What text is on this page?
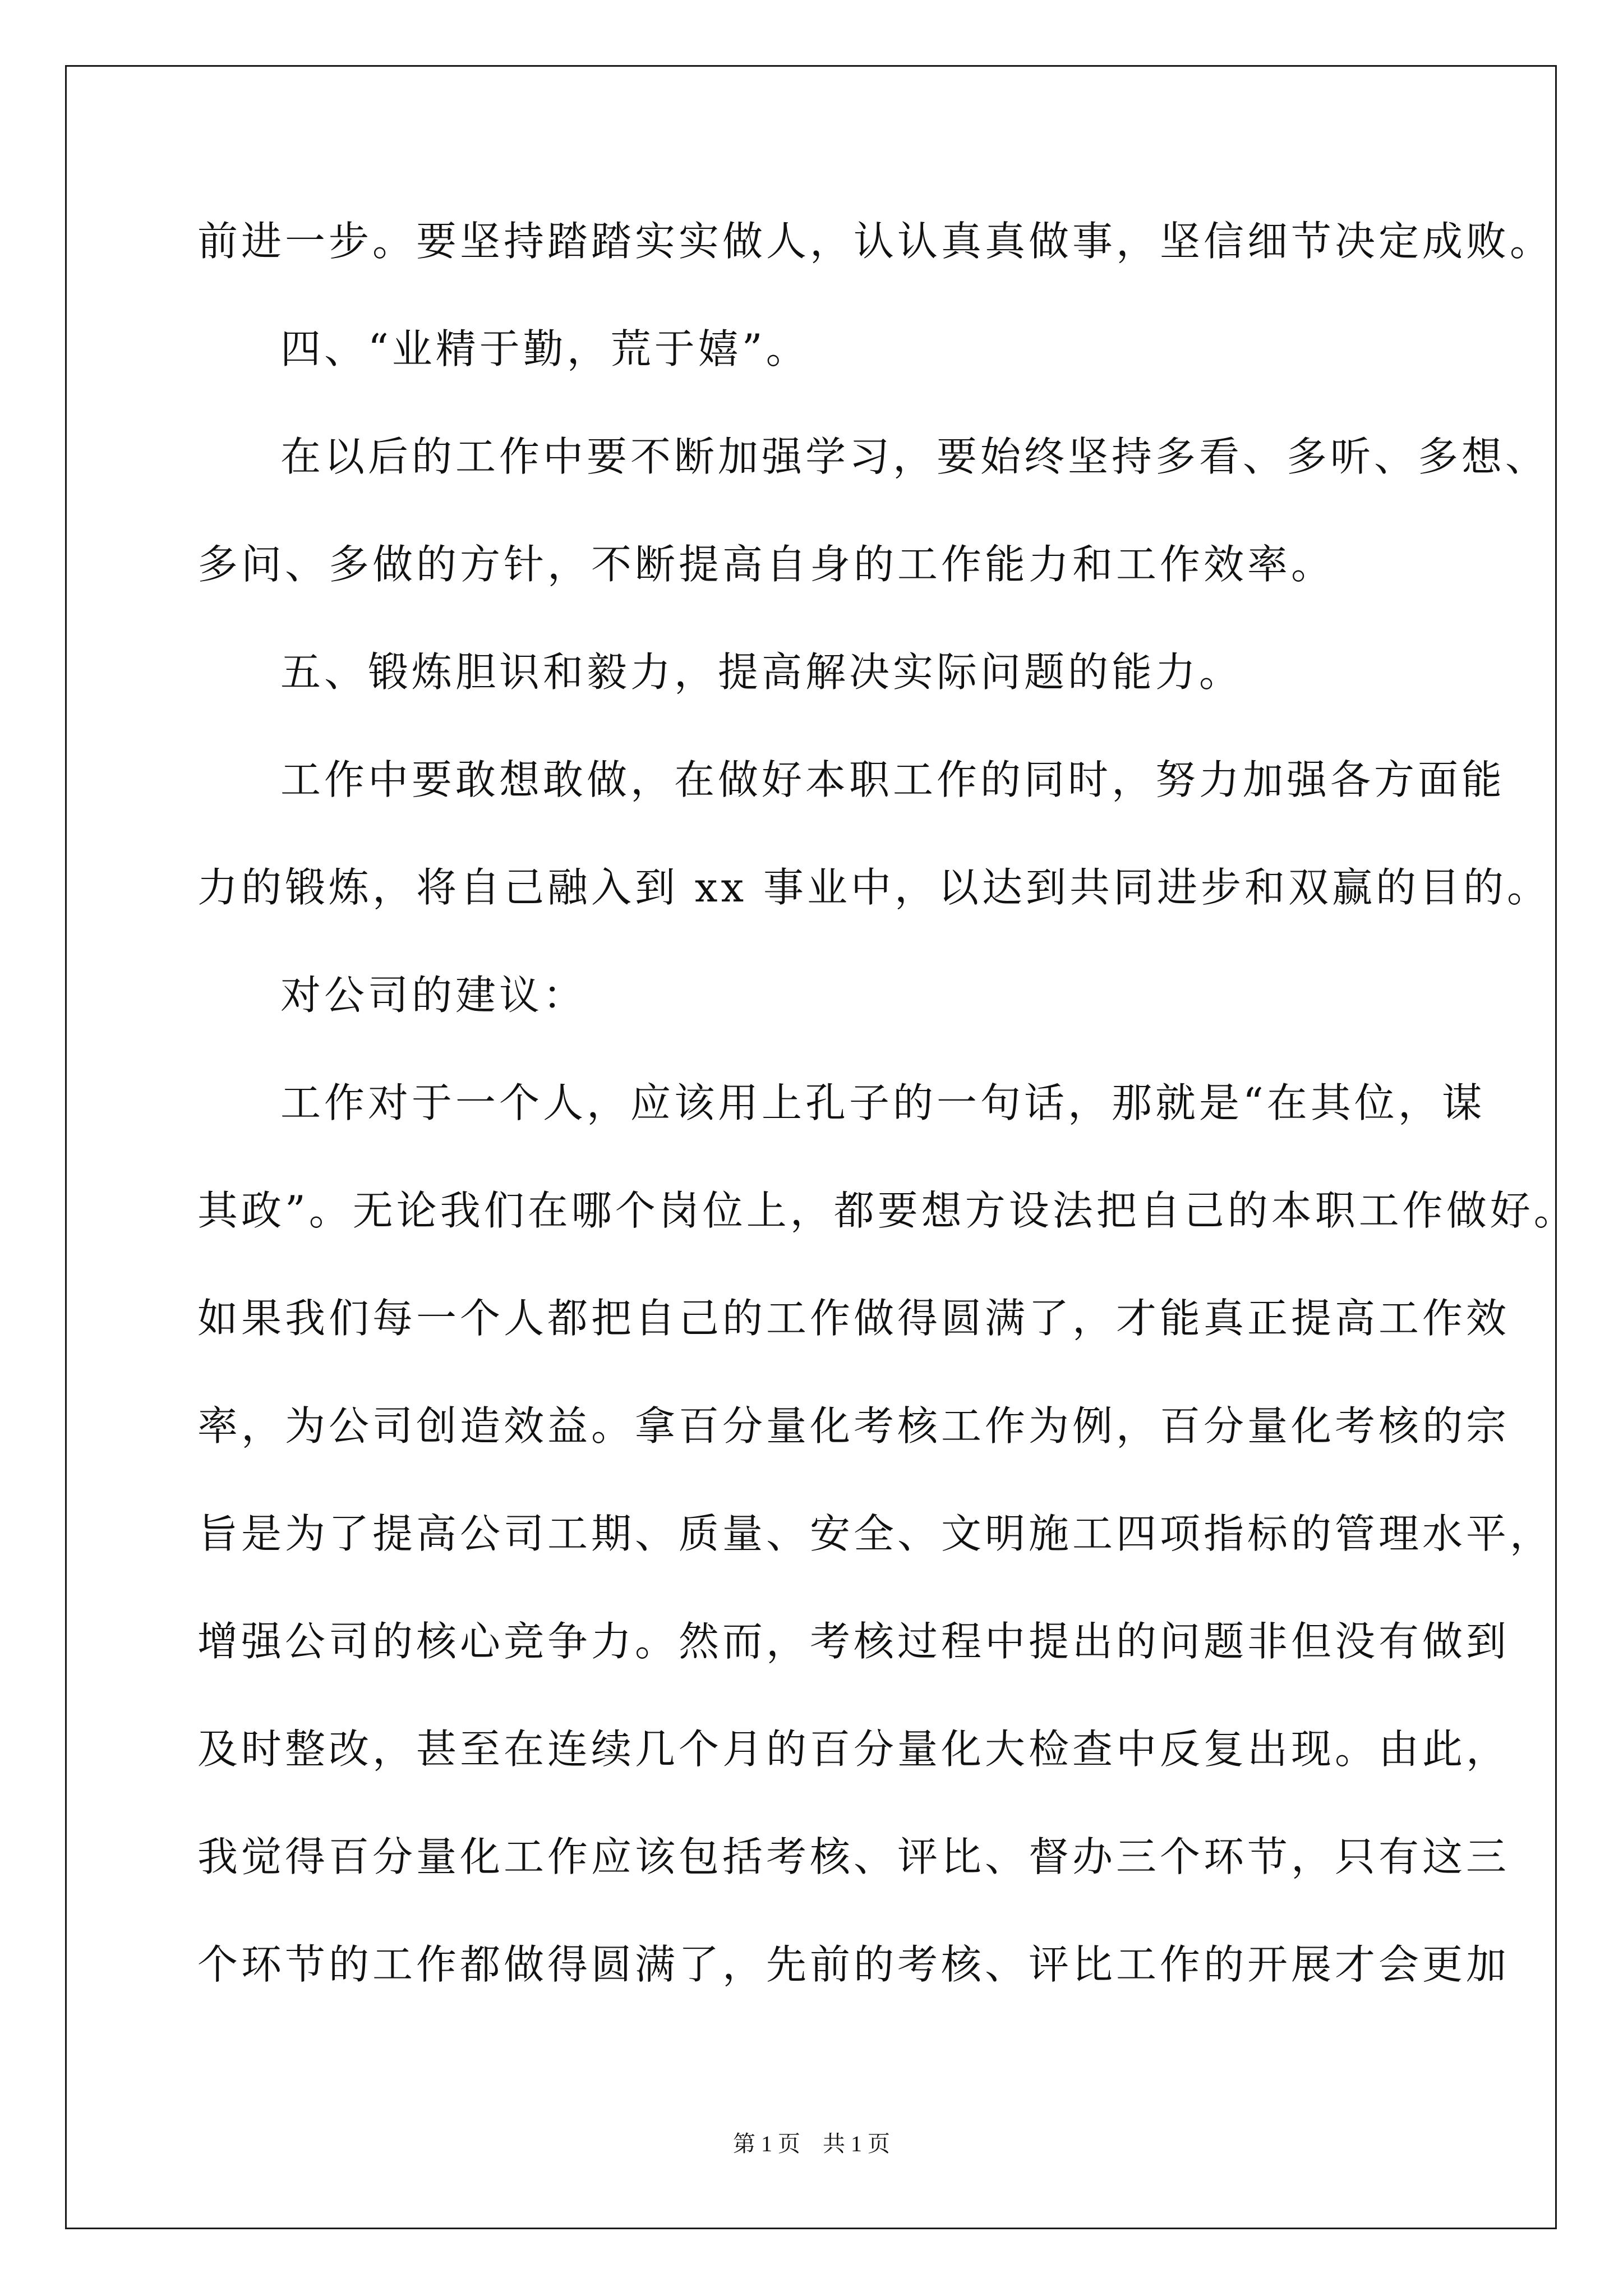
前进一步。要坚持踏踏实实做人，认认真真做事，坚信细节决定成败。
四、“业精于勤，荒于嬉”。
在以后的工作中要不断加强学习，要始终坚持多看、多听、多想、
多问、多做的方针，不断提高自身的工作能力和工作效率。
五、锻炼胆识和毅力，提高解决实际问题的能力。
工作中要敢想敢做，在做好本职工作的同时，努力加强各方面能
力的锻炼，将自己融入到 xx 事业中，以达到共同进步和双赢的目的。
对公司的建议：
工作对于一个人，应该用上孔子的一句话，那就是“在其位，谋
其政”。无论我们在哪个岗位上，都要想方设法把自己的本职工作做好。
如果我们每一个人都把自己的工作做得圆满了，才能真正提高工作效
率，为公司创造效益。拿百分量化考核工作为例，百分量化考核的宗
旨是为了提高公司工期、质量、安全、文明施工四项指标的管理水平，
增强公司的核心竞争力。然而，考核过程中提出的问题非但没有做到
及时整改，甚至在连续几个月的百分量化大检查中反复出现。由此，
我觉得百分量化工作应该包括考核、评比、督办三个环节，只有这三
个环节的工作都做得圆满了，先前的考核、评比工作的开展才会更加
第 1 页　共 1 页
